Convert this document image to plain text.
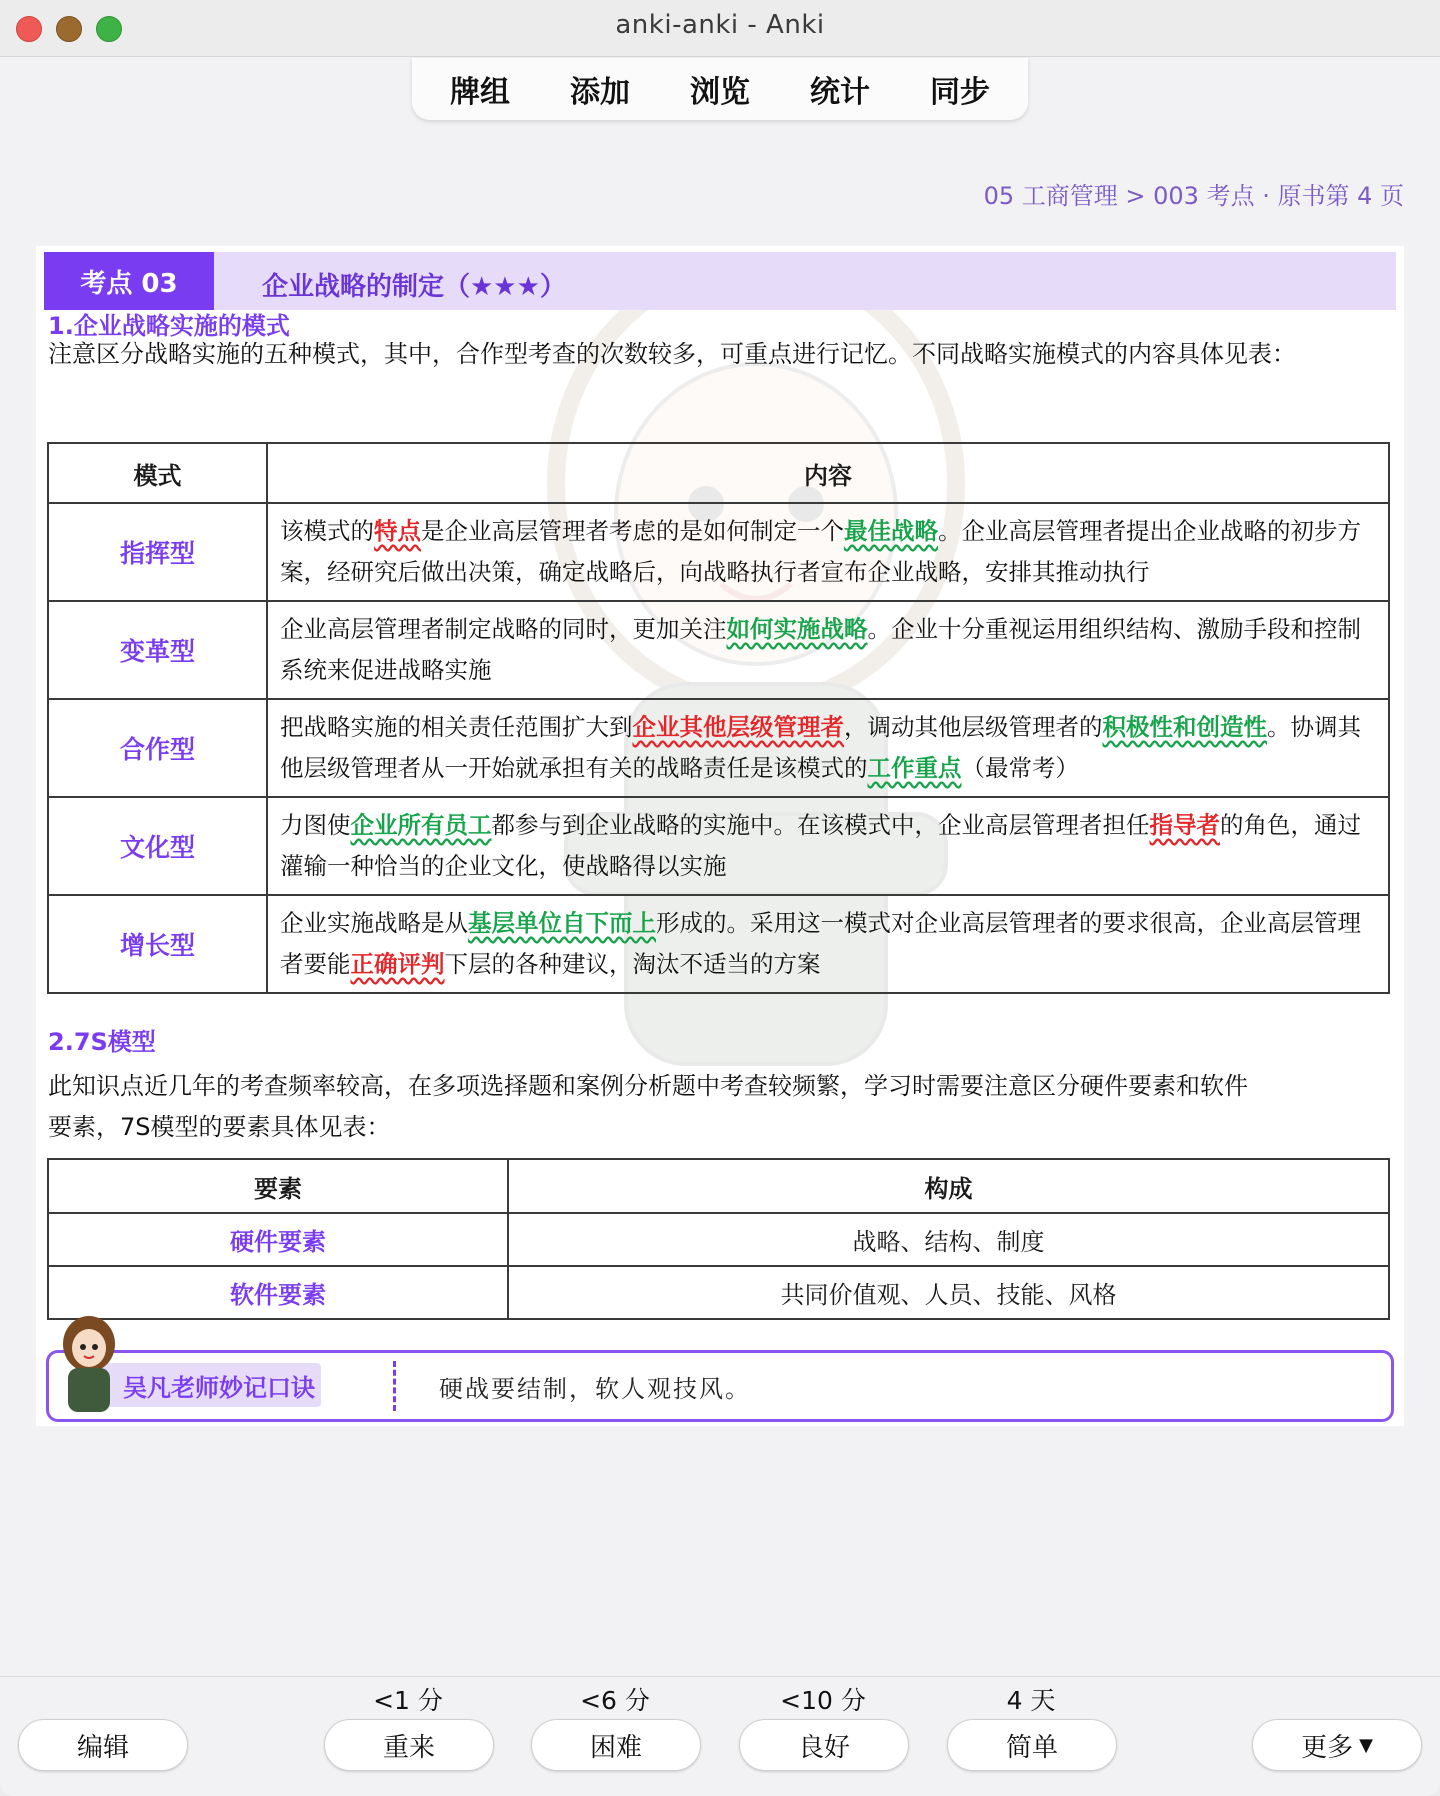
anki-anki - Anki
牌组	添加	浏览	统计	同步
05 工商管理 > 003 考点 · 原书第 4 页
考点 03	企业战略的制定（★★★）
1.企业战略实施的模式
注意区分战略实施的五种模式，其中，合作型考查的次数较多，可重点进行记忆。不同战略实施模式的内容具体见表：
模式	内容
指挥型	该模式的特点是企业高层管理者考虑的是如何制定一个最佳战略。企业高层管理者提出企业战略的初步方案，经研究后做出决策，确定战略后，向战略执行者宣布企业战略，安排其推动执行
变革型	企业高层管理者制定战略的同时，更加关注如何实施战略。企业十分重视运用组织结构、激励手段和控制系统来促进战略实施
合作型	把战略实施的相关责任范围扩大到企业其他层级管理者，调动其他层级管理者的积极性和创造性。协调其他层级管理者从一开始就承担有关的战略责任是该模式的工作重点（最常考）
文化型	力图使企业所有员工都参与到企业战略的实施中。在该模式中，企业高层管理者担任指导者的角色，通过灌输一种恰当的企业文化，使战略得以实施
增长型	企业实施战略是从基层单位自下而上形成的。采用这一模式对企业高层管理者的要求很高，企业高层管理者要能正确评判下层的各种建议，淘汰不适当的方案
2.7S模型
此知识点近几年的考查频率较高，在多项选择题和案例分析题中考查较频繁，学习时需要注意区分硬件要素和软件要素，7S模型的要素具体见表：
要素	构成
硬件要素	战略、结构、制度
软件要素	共同价值观、人员、技能、风格
吴凡老师妙记口诀	硬战要结制，软人观技风。
编辑
<1 分
重来
<6 分
困难
<10 分
良好
4 天
简单	更多 ▼
